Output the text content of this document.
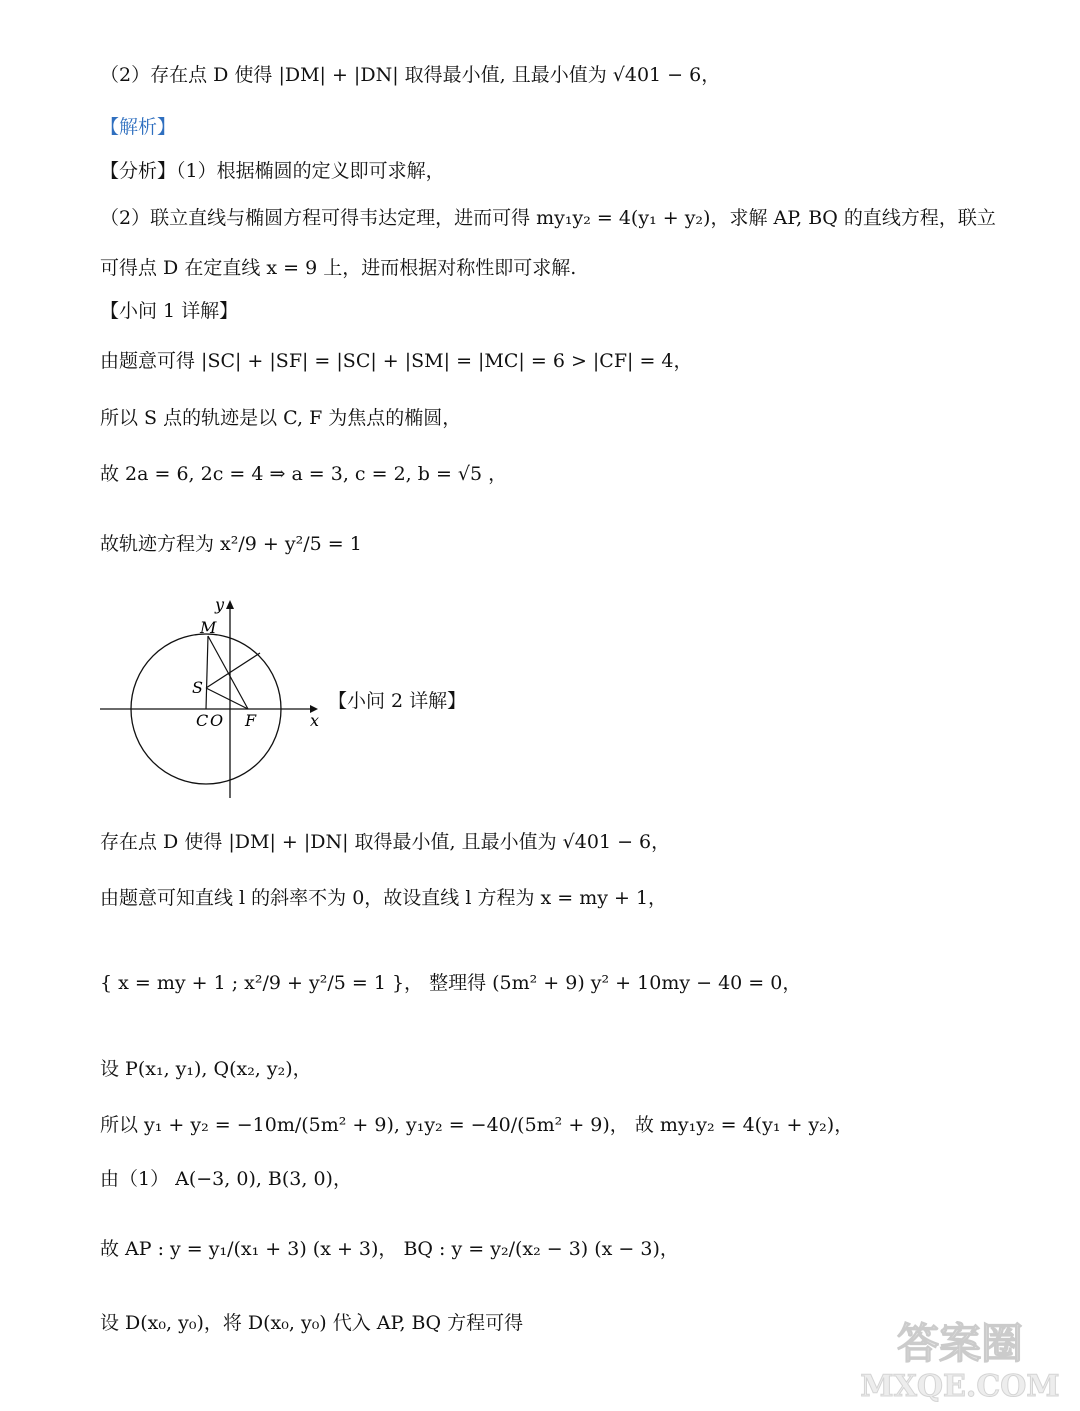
（2）存在点 D 使得 |DM| + |DN| 取得最小值, 且最小值为 √401 − 6，
【解析】
【分析】（1）根据椭圆的定义即可求解，
（2）联立直线与椭圆方程可得韦达定理，进而可得 my₁y₂ = 4(y₁ + y₂)，求解 AP, BQ 的直线方程，联立
可得点 D 在定直线 x = 9 上，进而根据对称性即可求解.
【小问 1 详解】
由题意可得 |SC| + |SF| = |SC| + |SM| = |MC| = 6 > |CF| = 4，
所以 S 点的轨迹是以 C, F 为焦点的椭圆，
故 2a = 6, 2c = 4 ⇒ a = 3, c = 2, b = √5 ，
故轨迹方程为 x²/9 + y²/5 = 1
y
M
S
C O F	x
【小问 2 详解】
存在点 D 使得 |DM| + |DN| 取得最小值, 且最小值为 √401 − 6，
由题意可知直线 l 的斜率不为 0，故设直线 l 方程为 x = my + 1，
{ x = my + 1 ; x²/9 + y²/5 = 1 }， 整理得 (5m² + 9) y² + 10my − 40 = 0，
设 P(x₁, y₁), Q(x₂, y₂)，
所以 y₁ + y₂ = −10m/(5m² + 9), y₁y₂ = −40/(5m² + 9)， 故 my₁y₂ = 4(y₁ + y₂)，
由（1） A(−3, 0), B(3, 0)，
故 AP : y = y₁/(x₁ + 3) (x + 3)， BQ : y = y₂/(x₂ − 3) (x − 3)，
设 D(x₀, y₀)，将 D(x₀, y₀) 代入 AP, BQ 方程可得	答案圈
MXQE.COM
